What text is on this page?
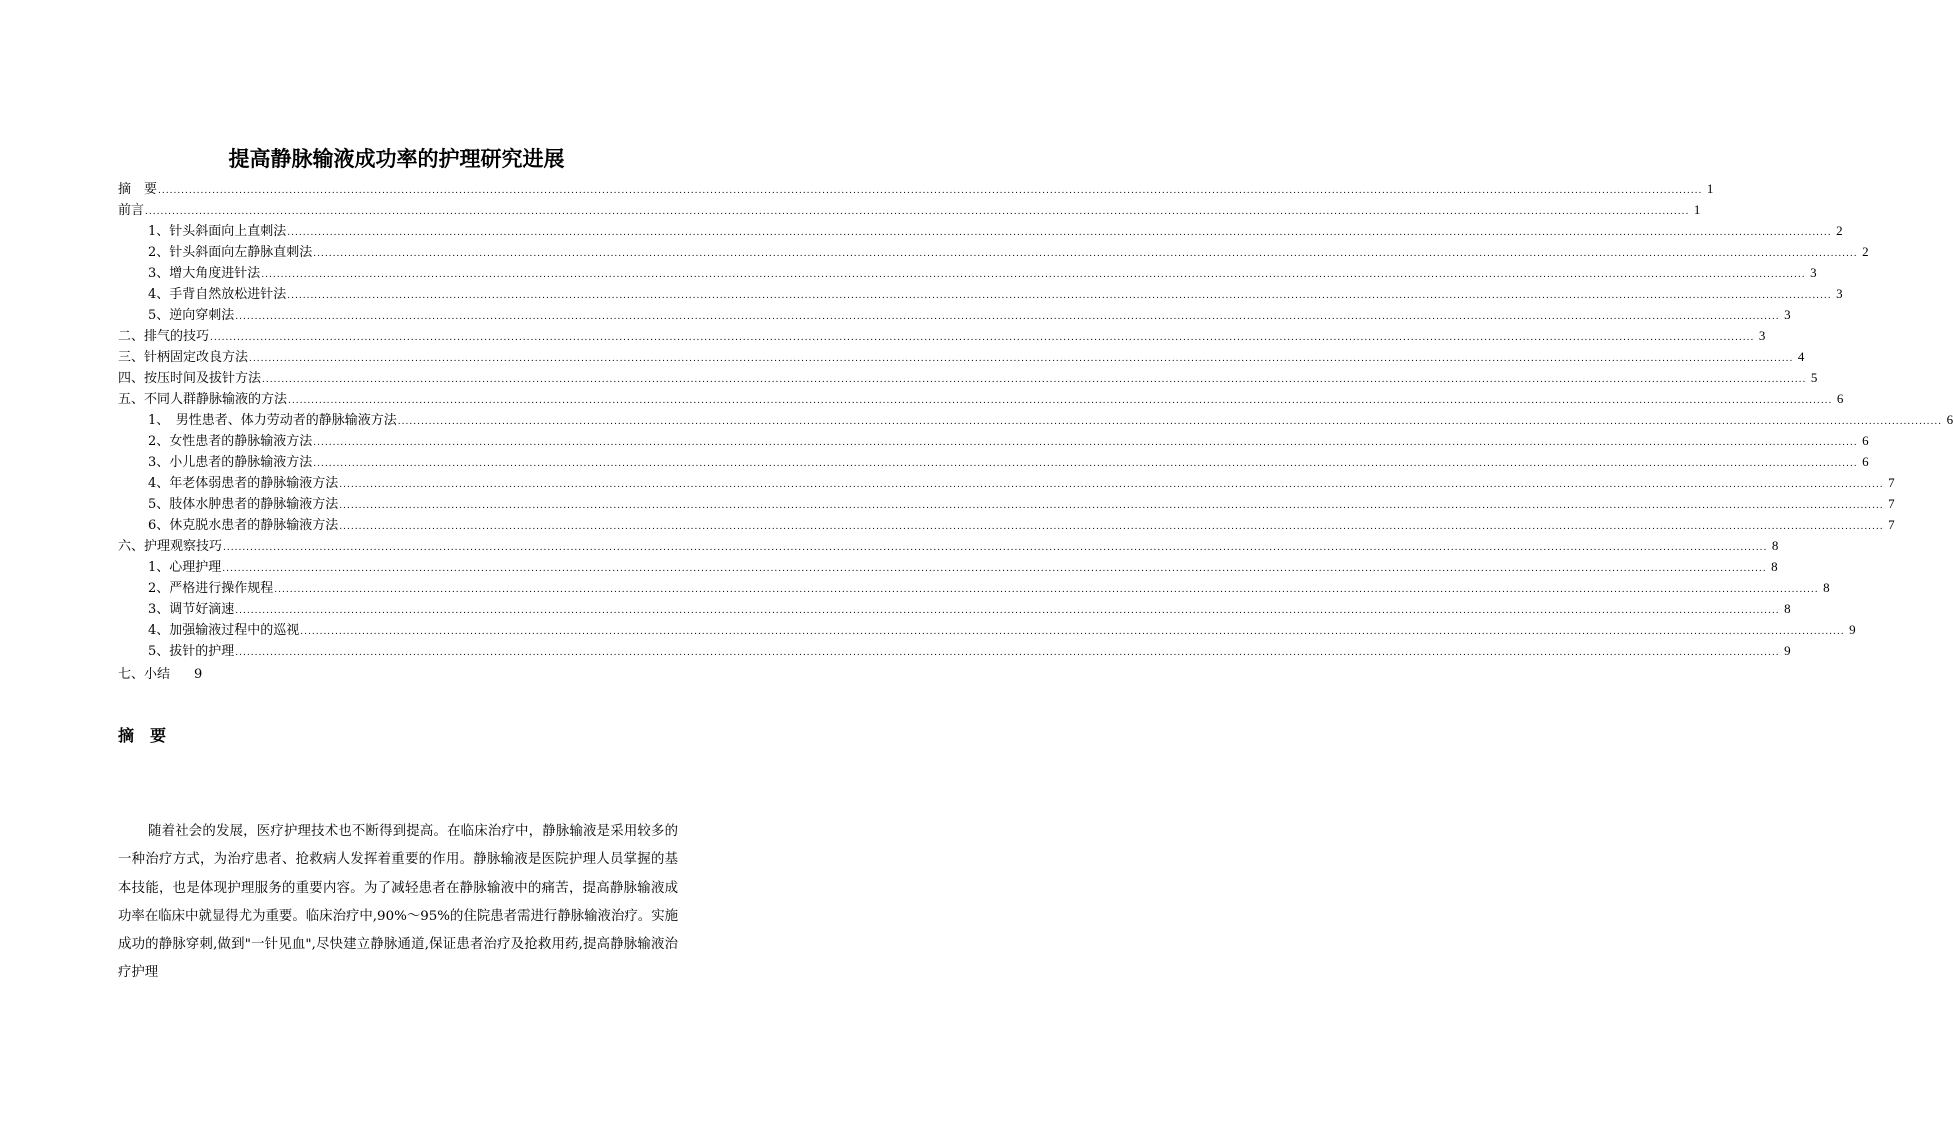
提高静脉输液成功率的护理研究进展
摘　要 ................................................................................................................................................................................................................................................................................................................................................................................................................ 1
前言 ................................................................................................................................................................................................................................................................................................................................................................................................................ 1
1、针头斜面向上直刺法 ................................................................................................................................................................................................................................................................................................................................................................................................................ 2
2、针头斜面向左静脉直刺法 ................................................................................................................................................................................................................................................................................................................................................................................................................ 2
3、增大角度进针法 ................................................................................................................................................................................................................................................................................................................................................................................................................ 3
4、手背自然放松进针法 ................................................................................................................................................................................................................................................................................................................................................................................................................ 3
5、逆向穿刺法 ................................................................................................................................................................................................................................................................................................................................................................................................................ 3
二、排气的技巧 ................................................................................................................................................................................................................................................................................................................................................................................................................ 3
三、针柄固定改良方法 ................................................................................................................................................................................................................................................................................................................................................................................................................ 4
四、按压时间及拔针方法 ................................................................................................................................................................................................................................................................................................................................................................................................................ 5
五、不同人群静脉输液的方法 ................................................................................................................................................................................................................................................................................................................................................................................................................ 6
1、　男性患者、体力劳动者的静脉输液方法 ................................................................................................................................................................................................................................................................................................................................................................................................................ 6
2、女性患者的静脉输液方法 ................................................................................................................................................................................................................................................................................................................................................................................................................ 6
3、小儿患者的静脉输液方法 ................................................................................................................................................................................................................................................................................................................................................................................................................ 6
4、年老体弱患者的静脉输液方法 ................................................................................................................................................................................................................................................................................................................................................................................................................ 7
5、肢体水肿患者的静脉输液方法 ................................................................................................................................................................................................................................................................................................................................................................................................................ 7
6、休克脱水患者的静脉输液方法 ................................................................................................................................................................................................................................................................................................................................................................................................................ 7
六、护理观察技巧 ................................................................................................................................................................................................................................................................................................................................................................................................................ 8
1、心理护理 ................................................................................................................................................................................................................................................................................................................................................................................................................ 8
2、严格进行操作规程 ................................................................................................................................................................................................................................................................................................................................................................................................................ 8
3、调节好滴速 ................................................................................................................................................................................................................................................................................................................................................................................................................ 8
4、加强输液过程中的巡视 ................................................................................................................................................................................................................................................................................................................................................................................................................ 9
5、拔针的护理 ................................................................................................................................................................................................................................................................................................................................................................................................................ 9
七、小结 9
摘　要
随着社会的发展，医疗护理技术也不断得到提高。在临床治疗中，静脉输液是采用较多的一种治疗方式，为治疗患者、抢救病人发挥着重要的作用。静脉输液是医院护理人员掌握的基本技能，也是体现护理服务的重要内容。为了减轻患者在静脉输液中的痛苦，提高静脉输液成功率在临床中就显得尤为重要。临床治疗中,90%～95%的住院患者需进行静脉输液治疗。实施成功的静脉穿刺,做到"一针见血",尽快建立静脉通道,保证患者治疗及抢救用药,提高静脉输液治疗护理
